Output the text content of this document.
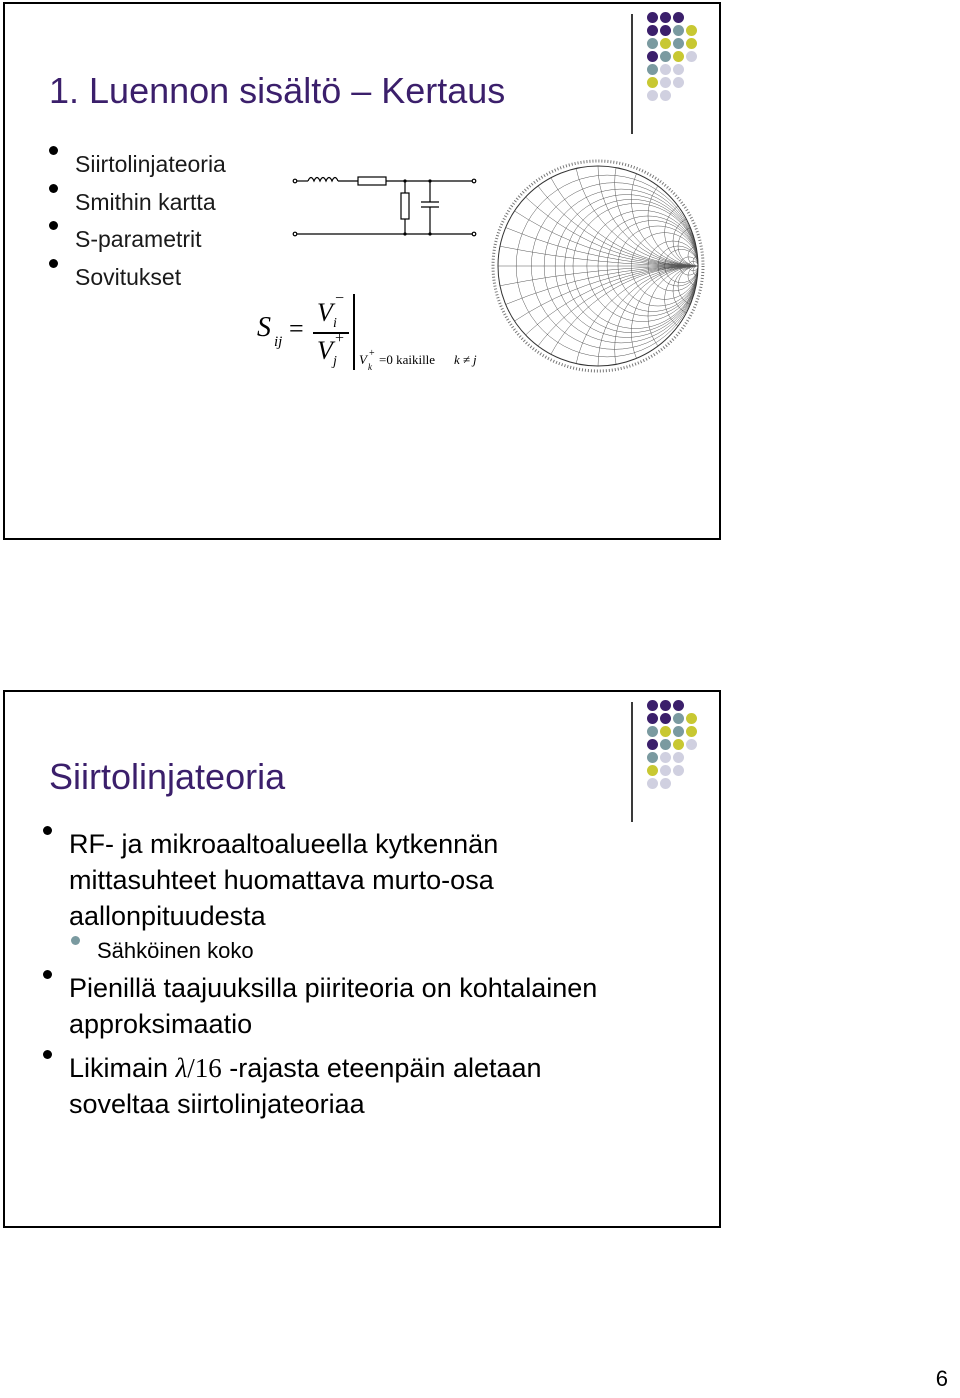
1. Luennon sisältö – Kertaus
Siirtolinjateoria
Smithin kartta
S-parametrit
Sovitukset
S ij =
V i
−
V j
+
V k
+ =0 kaikille k ≠ j
Siirtolinjateoria
RF- ja mikroaaltoalueella kytkennän
mittasuhteet huomattava murto-osa
aallonpituudesta
Sähköinen koko
Pienillä taajuuksilla piiriteoria on kohtalainen
approksimaatio
Likimain λ/16 -rajasta eteenpäin aletaan
soveltaa siirtolinjateoriaa
6
